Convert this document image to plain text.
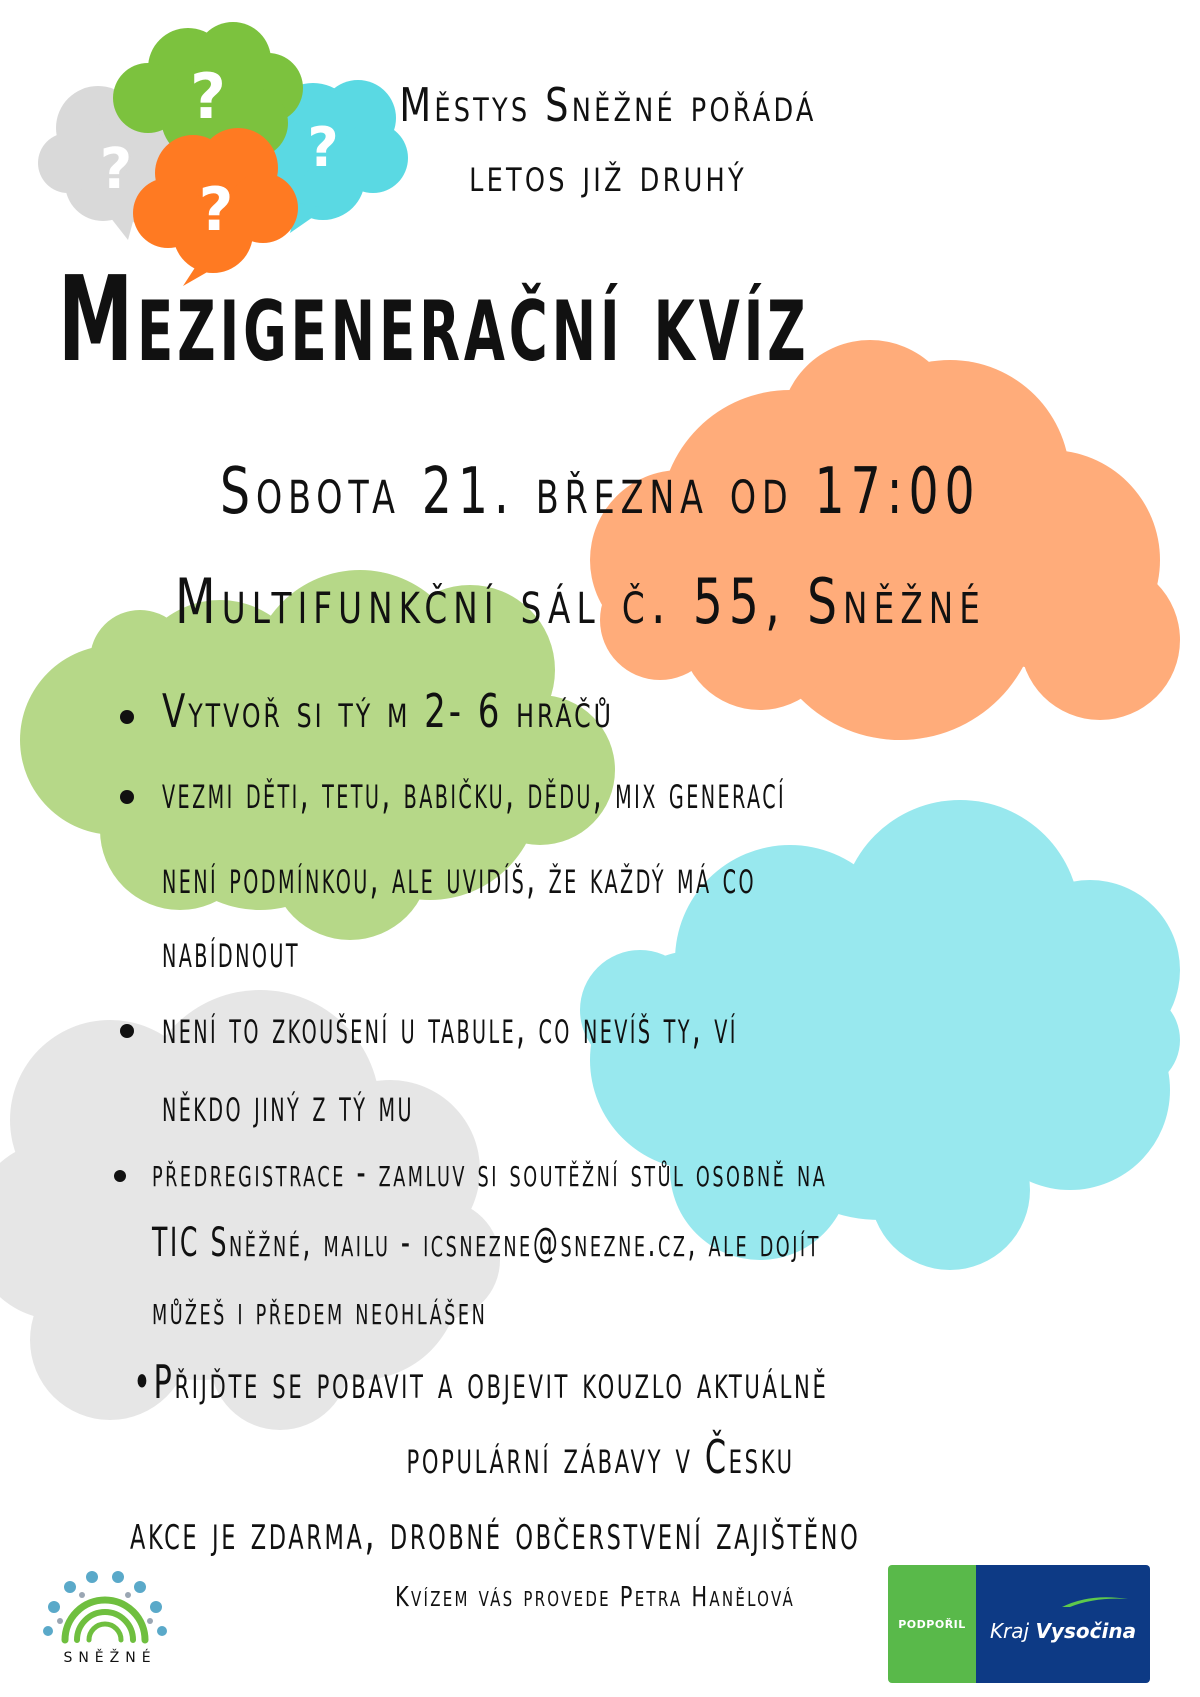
?	?
?
?
Městys Sněžné pořádá
letos již druhý
Mezigenerační kvíz
Sobota 21. března od 17:00
Multifunkční sál č. 55, Sněžné
Vytvoř si tý m 2- 6 hráčů
vezmi děti, tetu, babičku, dědu, mix generací
není podmínkou, ale uvidíš, že každý má co
nabídnout
není to zkoušení u tabule, co nevíš ty, ví
někdo jiný z tý mu
předregistrace - zamluv si soutěžní stůl osobně na
TIC Sněžné, mailu - icsnezne@snezne.cz, ale dojít
můžeš i předem neohlášen
•Přijďte se pobavit a objevit kouzlo aktuálně
populární zábavy v Česku
akce je zdarma, drobné občerstvení zajištěno
Kvízem vás provede Petra Hanělová
SNĚŽNÉ
PODPOŘIL	Kraj Vysočina
